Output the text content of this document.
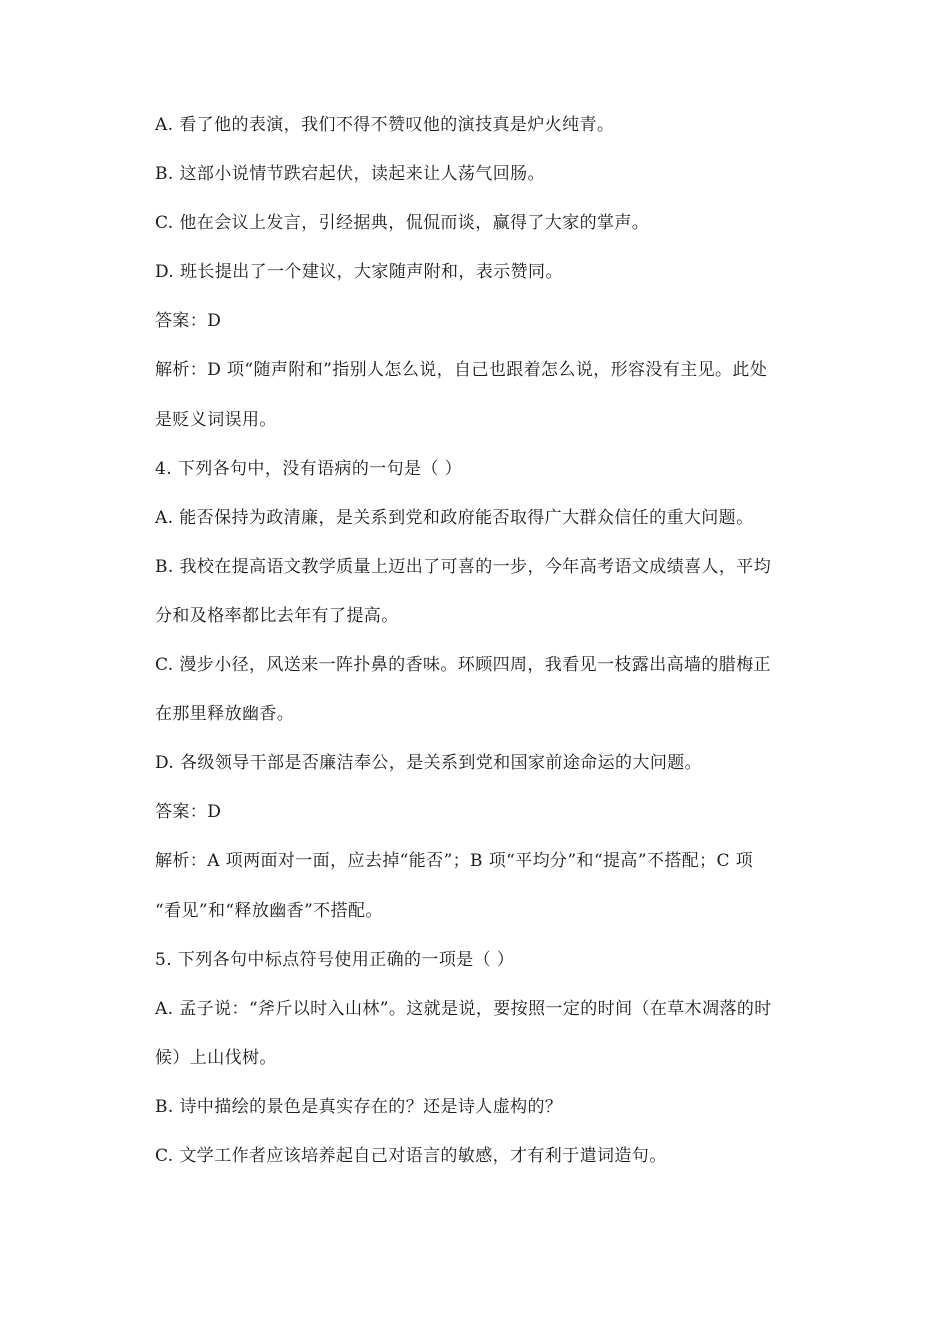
A. 看了他的表演，我们不得不赞叹他的演技真是炉火纯青。
B. 这部小说情节跌宕起伏，读起来让人荡气回肠。
C. 他在会议上发言，引经据典，侃侃而谈，赢得了大家的掌声。
D. 班长提出了一个建议，大家随声附和，表示赞同。
答案：D
解析：D 项“随声附和”指别人怎么说，自己也跟着怎么说，形容没有主见。此处
是贬义词误用。
4. 下列各句中，没有语病的一句是（ ）
A. 能否保持为政清廉，是关系到党和政府能否取得广大群众信任的重大问题。
B. 我校在提高语文教学质量上迈出了可喜的一步，今年高考语文成绩喜人，平均
分和及格率都比去年有了提高。
C. 漫步小径，风送来一阵扑鼻的香味。环顾四周，我看见一枝露出高墙的腊梅正
在那里释放幽香。
D. 各级领导干部是否廉洁奉公，是关系到党和国家前途命运的大问题。
答案：D
解析：A 项两面对一面，应去掉“能否”；B 项“平均分”和“提高”不搭配；C 项
“看见”和“释放幽香”不搭配。
5. 下列各句中标点符号使用正确的一项是（ ）
A. 孟子说：“斧斤以时入山林”。这就是说，要按照一定的时间（在草木凋落的时
候）上山伐树。
B. 诗中描绘的景色是真实存在的？还是诗人虚构的？
C. 文学工作者应该培养起自己对语言的敏感，才有利于遣词造句。
